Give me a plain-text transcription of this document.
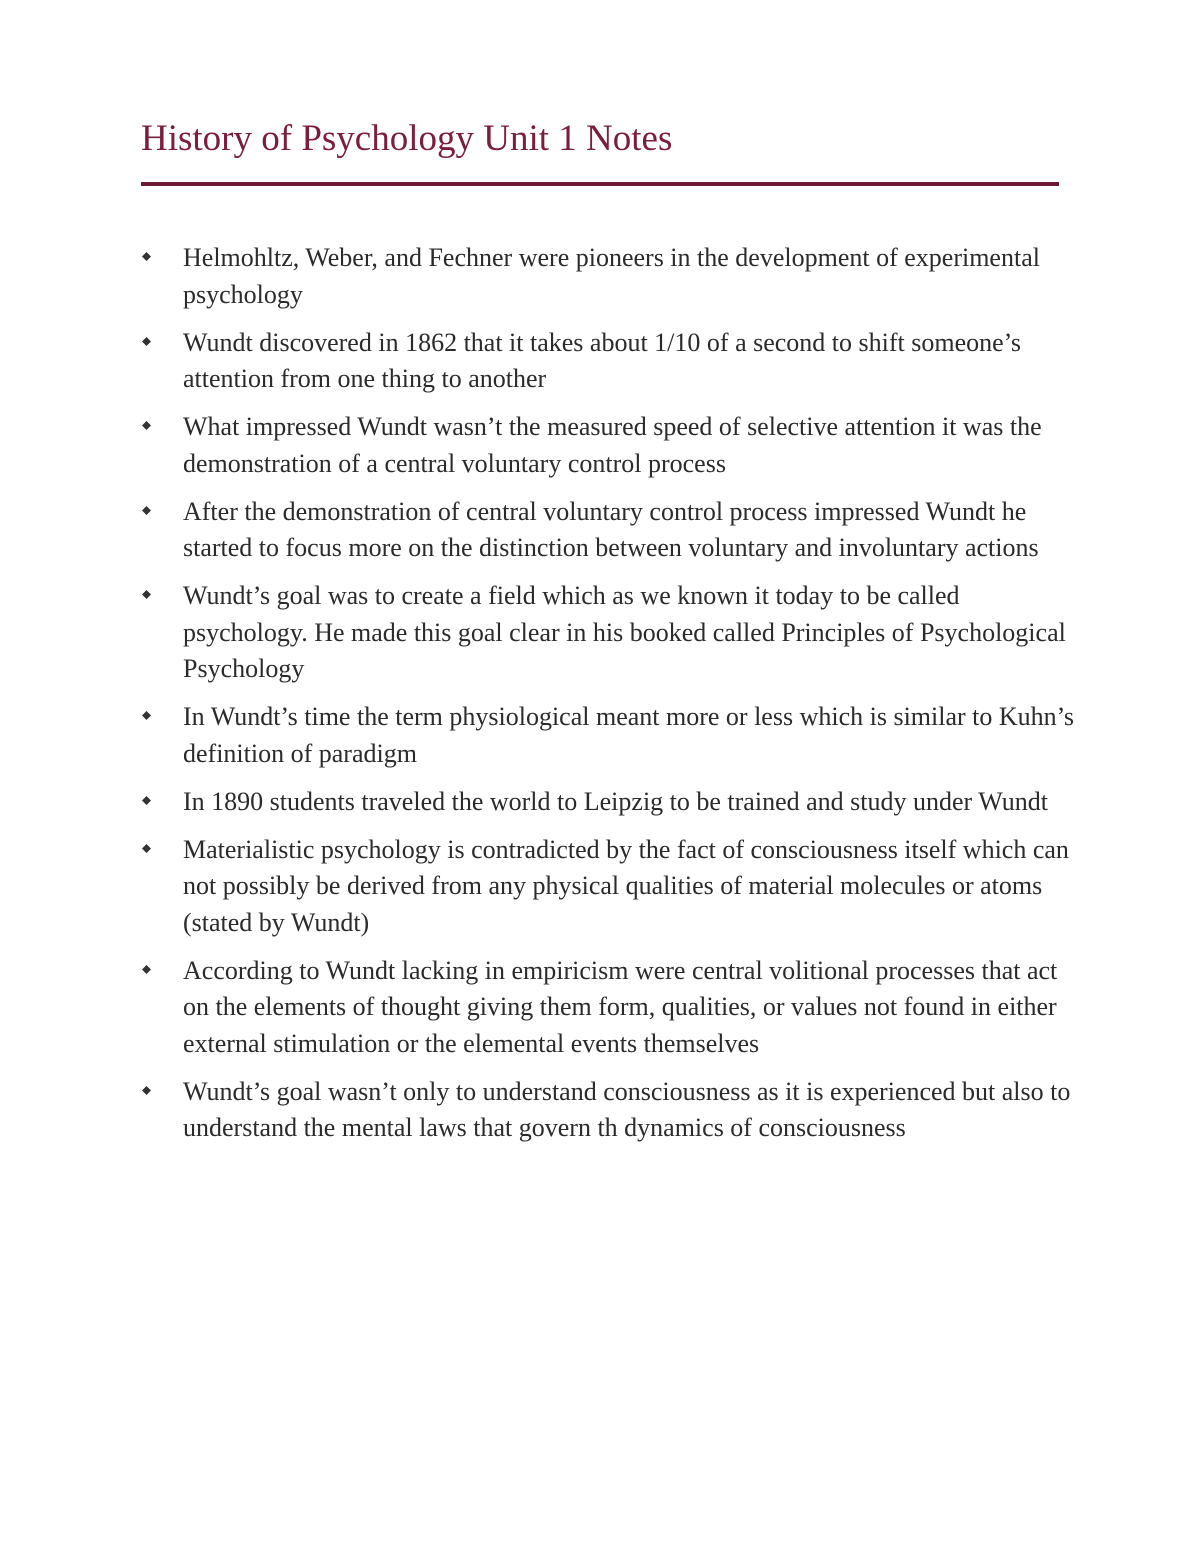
History of Psychology Unit 1 Notes
Helmohltz, Weber, and Fechner were pioneers in the development of experimental psychology
Wundt discovered in 1862 that it takes about 1/10 of a second to shift someone’s attention from one thing to another
What impressed Wundt wasn’t the measured speed of selective attention it was the demonstration of a central voluntary control process
After the demonstration of central voluntary control process impressed Wundt he started to focus more on the distinction between voluntary and involuntary actions
Wundt’s goal was to create a field which as we known it today to be called psychology. He made this goal clear in his booked called Principles of Psychological Psychology
In Wundt’s time the term physiological meant more or less which is similar to Kuhn’s definition of paradigm
In 1890 students traveled the world to Leipzig to be trained and study under Wundt
Materialistic psychology is contradicted by the fact of consciousness itself which can not possibly be derived from any physical qualities of material molecules or atoms (stated by Wundt)
According to Wundt lacking in empiricism were central volitional processes that act on the elements of thought giving them form, qualities, or values not found in either external stimulation or the elemental events themselves
Wundt’s goal wasn’t only to understand consciousness as it is experienced but also to understand the mental laws that govern th dynamics of consciousness
